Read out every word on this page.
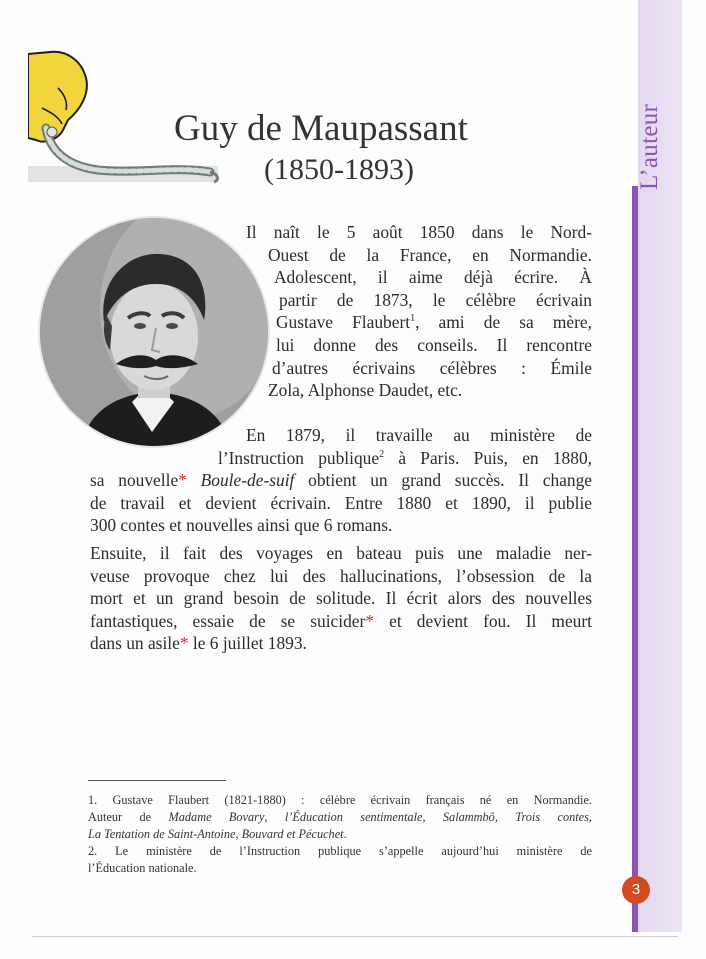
L’auteur
Guy de Maupassant
(1850-1893)
Il naît le 5 août 1850 dans le Nord-
Ouest de la France, en Normandie.
Adolescent, il aime déjà écrire. À
partir de 1873, le célèbre écrivain
Gustave Flaubert$^1$, ami de sa mère,
lui donne des conseils. Il rencontre
d’autres écrivains célèbres : Émile
Zola, Alphonse Daudet, etc.
En 1879, il travaille au ministère de
l’Instruction publique$^2$ à Paris. Puis, en 1880,
sa nouvelle* Boule-de-suif obtient un grand succès. Il change
de travail et devient écrivain. Entre 1880 et 1890, il publie
300 contes et nouvelles ainsi que 6 romans.
Ensuite, il fait des voyages en bateau puis une maladie ner-
veuse provoque chez lui des hallucinations, l’obsession de la
mort et un grand besoin de solitude. Il écrit alors des nouvelles
fantastiques, essaie de se suicider* et devient fou. Il meurt
dans un asile* le 6 juillet 1893.
1. Gustave Flaubert (1821-1880) : célèbre écrivain français né en Normandie.
Auteur de Madame Bovary, l’Éducation sentimentale, Salammbô, Trois contes,
La Tentation de Saint-Antoine, Bouvard et Pécuchet.
2. Le ministère de l’Instruction publique s’appelle aujourd’hui ministère de
l’Éducation nationale.
3
